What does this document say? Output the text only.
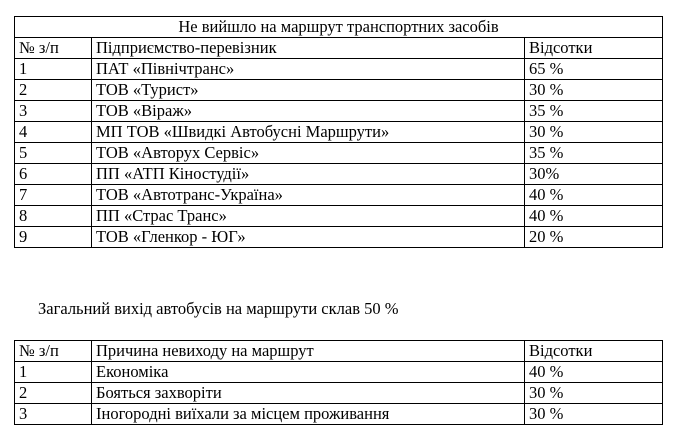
Не вийшло на маршрут транспортних засобів		
№ з/п	Підприємство-перевізник	Відсотки
1	ПАТ «Північтранс»	65 %
2	ТОВ «Турист»	30 %
3	ТОВ «Віраж»	35 %
4	МП ТОВ «Швидкі Автобусні Маршрути»	30 %
5	ТОВ «Авторух Сервіс»	35 %
6	ПП «АТП Кіностудії»	30%
7	ТОВ «Автотранс-Україна»	40 %
8	ПП «Страс Транс»	40 %
9	ТОВ «Гленкор - ЮГ»	20 %
Загальний вихід автобусів на маршрути склав 50 %
№ з/п	Причина невиходу на маршрут	Відсотки
1	Економіка	40 %
2	Бояться захворіти	30 %
3	Іногородні виїхали за місцем проживання	30 %
